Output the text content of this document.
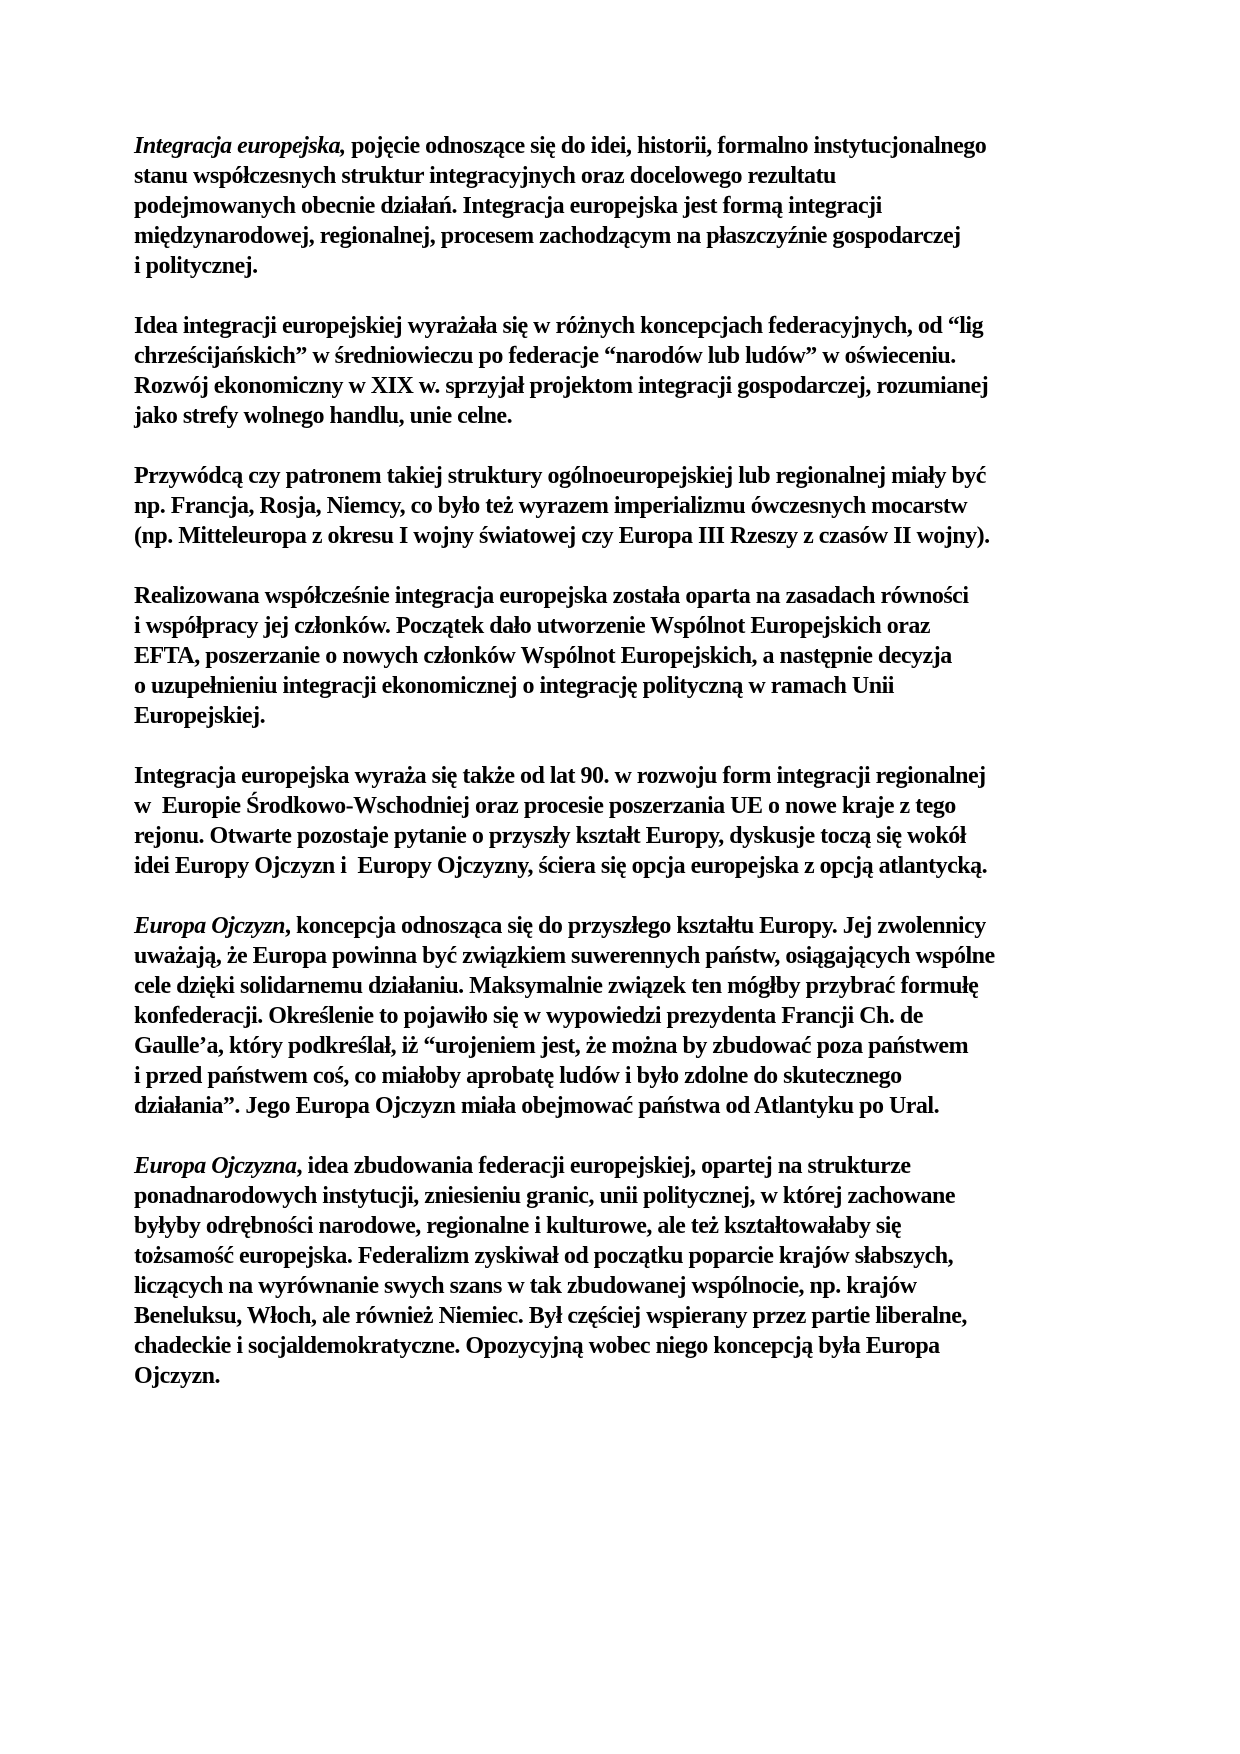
Integracja europejska, pojęcie odnoszące się do idei, historii, formalno instytucjonalnego
stanu współczesnych struktur integracyjnych oraz docelowego rezultatu
podejmowanych obecnie działań. Integracja europejska jest formą integracji
międzynarodowej, regionalnej, procesem zachodzącym na płaszczyźnie gospodarczej
i politycznej.

Idea integracji europejskiej wyrażała się w różnych koncepcjach federacyjnych, od “lig
chrześcijańskich” w średniowieczu po federacje “narodów lub ludów” w oświeceniu.
Rozwój ekonomiczny w XIX w. sprzyjał projektom integracji gospodarczej, rozumianej
jako strefy wolnego handlu, unie celne.

Przywódcą czy patronem takiej struktury ogólnoeuropejskiej lub regionalnej miały być
np. Francja, Rosja, Niemcy, co było też wyrazem imperializmu ówczesnych mocarstw
(np. Mitteleuropa z okresu I wojny światowej czy Europa III Rzeszy z czasów II wojny).

Realizowana współcześnie integracja europejska została oparta na zasadach równości
i współpracy jej członków. Początek dało utworzenie Wspólnot Europejskich oraz
EFTA, poszerzanie o nowych członków Wspólnot Europejskich, a następnie decyzja
o uzupełnieniu integracji ekonomicznej o integrację polityczną w ramach Unii
Europejskiej.

Integracja europejska wyraża się także od lat 90. w rozwoju form integracji regionalnej
w  Europie Środkowo-Wschodniej oraz procesie poszerzania UE o nowe kraje z tego
rejonu. Otwarte pozostaje pytanie o przyszły kształt Europy, dyskusje toczą się wokół
idei Europy Ojczyzn i  Europy Ojczyzny, ściera się opcja europejska z opcją atlantycką.

Europa Ojczyzn, koncepcja odnosząca się do przyszłego kształtu Europy. Jej zwolennicy
uważają, że Europa powinna być związkiem suwerennych państw, osiągających wspólne
cele dzięki solidarnemu działaniu. Maksymalnie związek ten mógłby przybrać formułę
konfederacji. Określenie to pojawiło się w wypowiedzi prezydenta Francji Ch. de
Gaulle’a, który podkreślał, iż “urojeniem jest, że można by zbudować poza państwem
i przed państwem coś, co miałoby aprobatę ludów i było zdolne do skutecznego
działania”. Jego Europa Ojczyzn miała obejmować państwa od Atlantyku po Ural.

Europa Ojczyzna, idea zbudowania federacji europejskiej, opartej na strukturze
ponadnarodowych instytucji, zniesieniu granic, unii politycznej, w której zachowane
byłyby odrębności narodowe, regionalne i kulturowe, ale też kształtowałaby się
tożsamość europejska. Federalizm zyskiwał od początku poparcie krajów słabszych,
liczących na wyrównanie swych szans w tak zbudowanej wspólnocie, np. krajów
Beneluksu, Włoch, ale również Niemiec. Był częściej wspierany przez partie liberalne,
chadeckie i socjaldemokratyczne. Opozycyjną wobec niego koncepcją była Europa
Ojczyzn.
